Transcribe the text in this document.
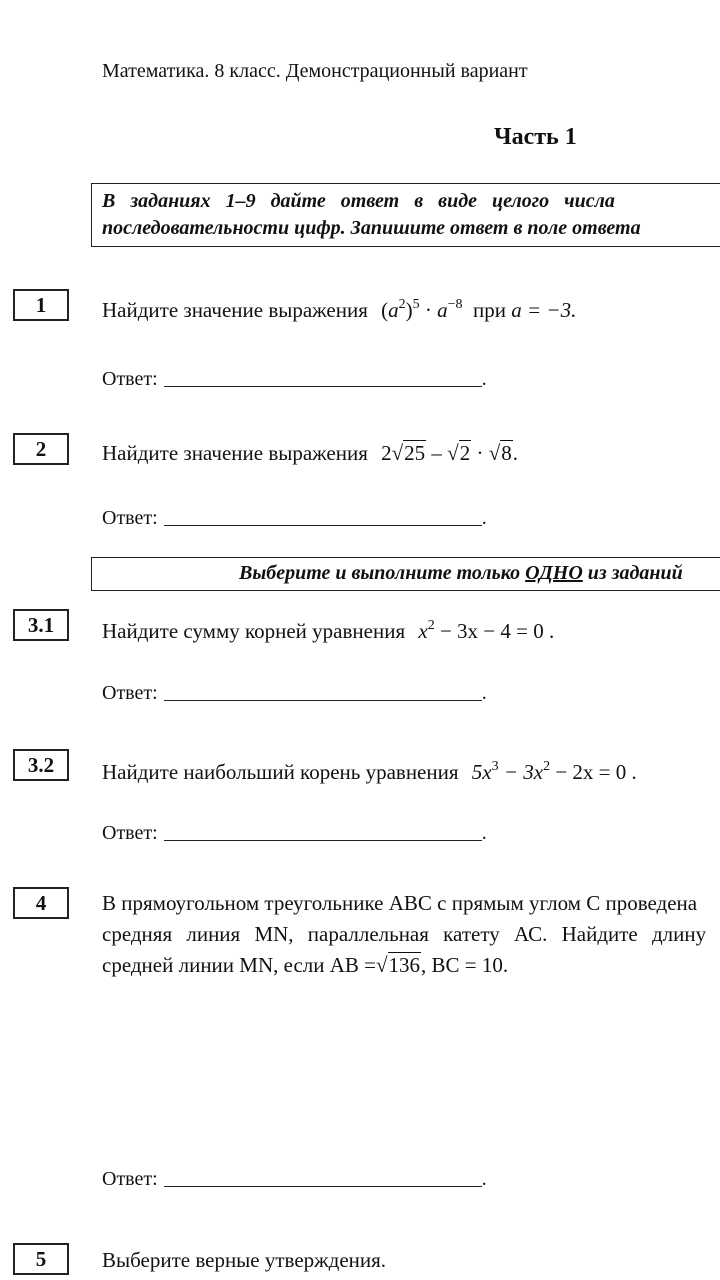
Математика. 8 класс. Демонстрационный вариант
Часть 1
В заданиях 1–9 дайте ответ в виде целого числа
последовательности цифр. Запишите ответ в поле ответа
1	Найдите значение выражения $(a^2)^5 \cdot a^{-8}$ при a = −3.
Ответ:	.
2	Найдите значение выражения 2√25 – √2 · √8.
Ответ:	.
Выберите и выполните только ОДНО из заданий
3.1	Найдите сумму корней уравнения $x^2 - 3x - 4 = 0$ .
Ответ:	.
3.2	Найдите наибольший корень уравнения $5x^3 - 3x^2 - 2x = 0$ .
Ответ:	.
4	В прямоугольном треугольнике АВС с прямым углом С проведена
средняя линия MN, параллельная катету АС. Найдите длину
средней линии MN, если АВ =√136, ВС = 10.
Ответ:	.
5	Выберите верные утверждения.
